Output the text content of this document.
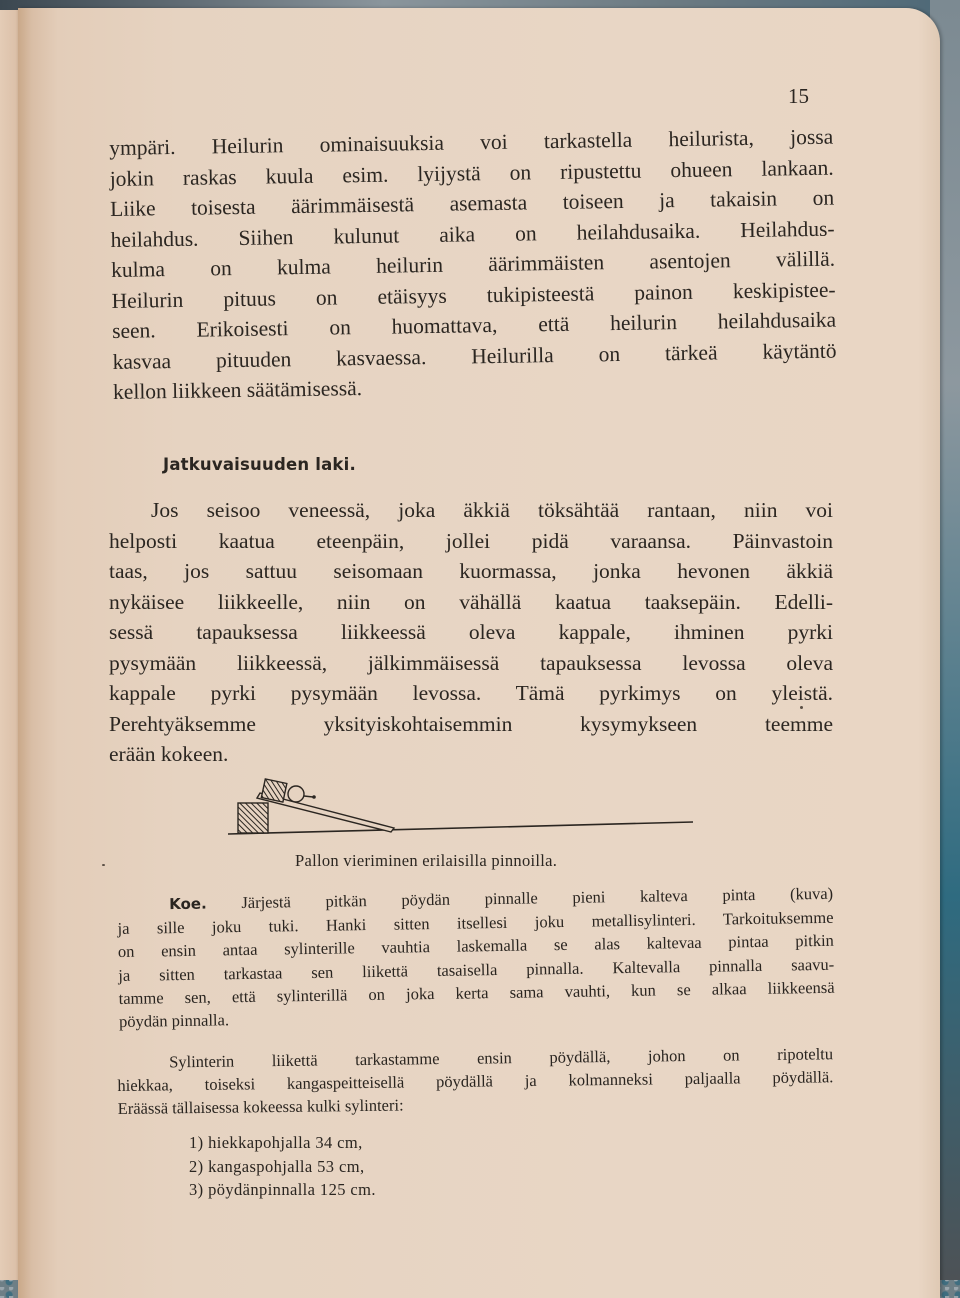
15
ympäri. Heilurin ominaisuuksia voi tarkastella heilurista, jossa
jokin raskas kuula esim. lyijystä on ripustettu ohueen lankaan.
Liike toisesta äärimmäisestä asemasta toiseen ja takaisin on
heilahdus. Siihen kulunut aika on heilahdusaika. Heilahdus-
kulma on kulma heilurin äärimmäisten asentojen välillä.
Heilurin pituus on etäisyys tukipisteestä painon keskipistee-
seen. Erikoisesti on huomattava, että heilurin heilahdusaika
kasvaa pituuden kasvaessa. Heilurilla on tärkeä käytäntö
kellon liikkeen säätämisessä.
Jatkuvaisuuden laki.
Jos seisoo veneessä, joka äkkiä töksähtää rantaan, niin voi
helposti kaatua eteenpäin, jollei pidä varaansa. Päinvastoin
taas, jos sattuu seisomaan kuormassa, jonka hevonen äkkiä
nykäisee liikkeelle, niin on vähällä kaatua taaksepäin. Edelli-
sessä tapauksessa liikkeessä oleva kappale, ihminen pyrki
pysymään liikkeessä, jälkimmäisessä tapauksessa levossa oleva
kappale pyrki pysymään levossa. Tämä pyrkimys on yleistä.
Perehtyäksemme yksityiskohtaisemmin kysymykseen teemme
erään kokeen.
Pallon vieriminen erilaisilla pinnoilla.
Koe. Järjestä pitkän pöydän pinnalle pieni kalteva pinta (kuva)
ja sille joku tuki. Hanki sitten itsellesi joku metallisylinteri. Tarkoituksemme
on ensin antaa sylinterille vauhtia laskemalla se alas kaltevaa pintaa pitkin
ja sitten tarkastaa sen liikettä tasaisella pinnalla. Kaltevalla pinnalla saavu-
tamme sen, että sylinterillä on joka kerta sama vauhti, kun se alkaa liikkeensä
pöydän pinnalla.
Sylinterin liikettä tarkastamme ensin pöydällä, johon on ripoteltu
hiekkaa, toiseksi kangaspeitteisellä pöydällä ja kolmanneksi paljaalla pöydällä.
Eräässä tällaisessa kokeessa kulki sylinteri:
1) hiekkapohjalla 34 cm,
2) kangaspohjalla 53 cm,
3) pöydänpinnalla 125 cm.
